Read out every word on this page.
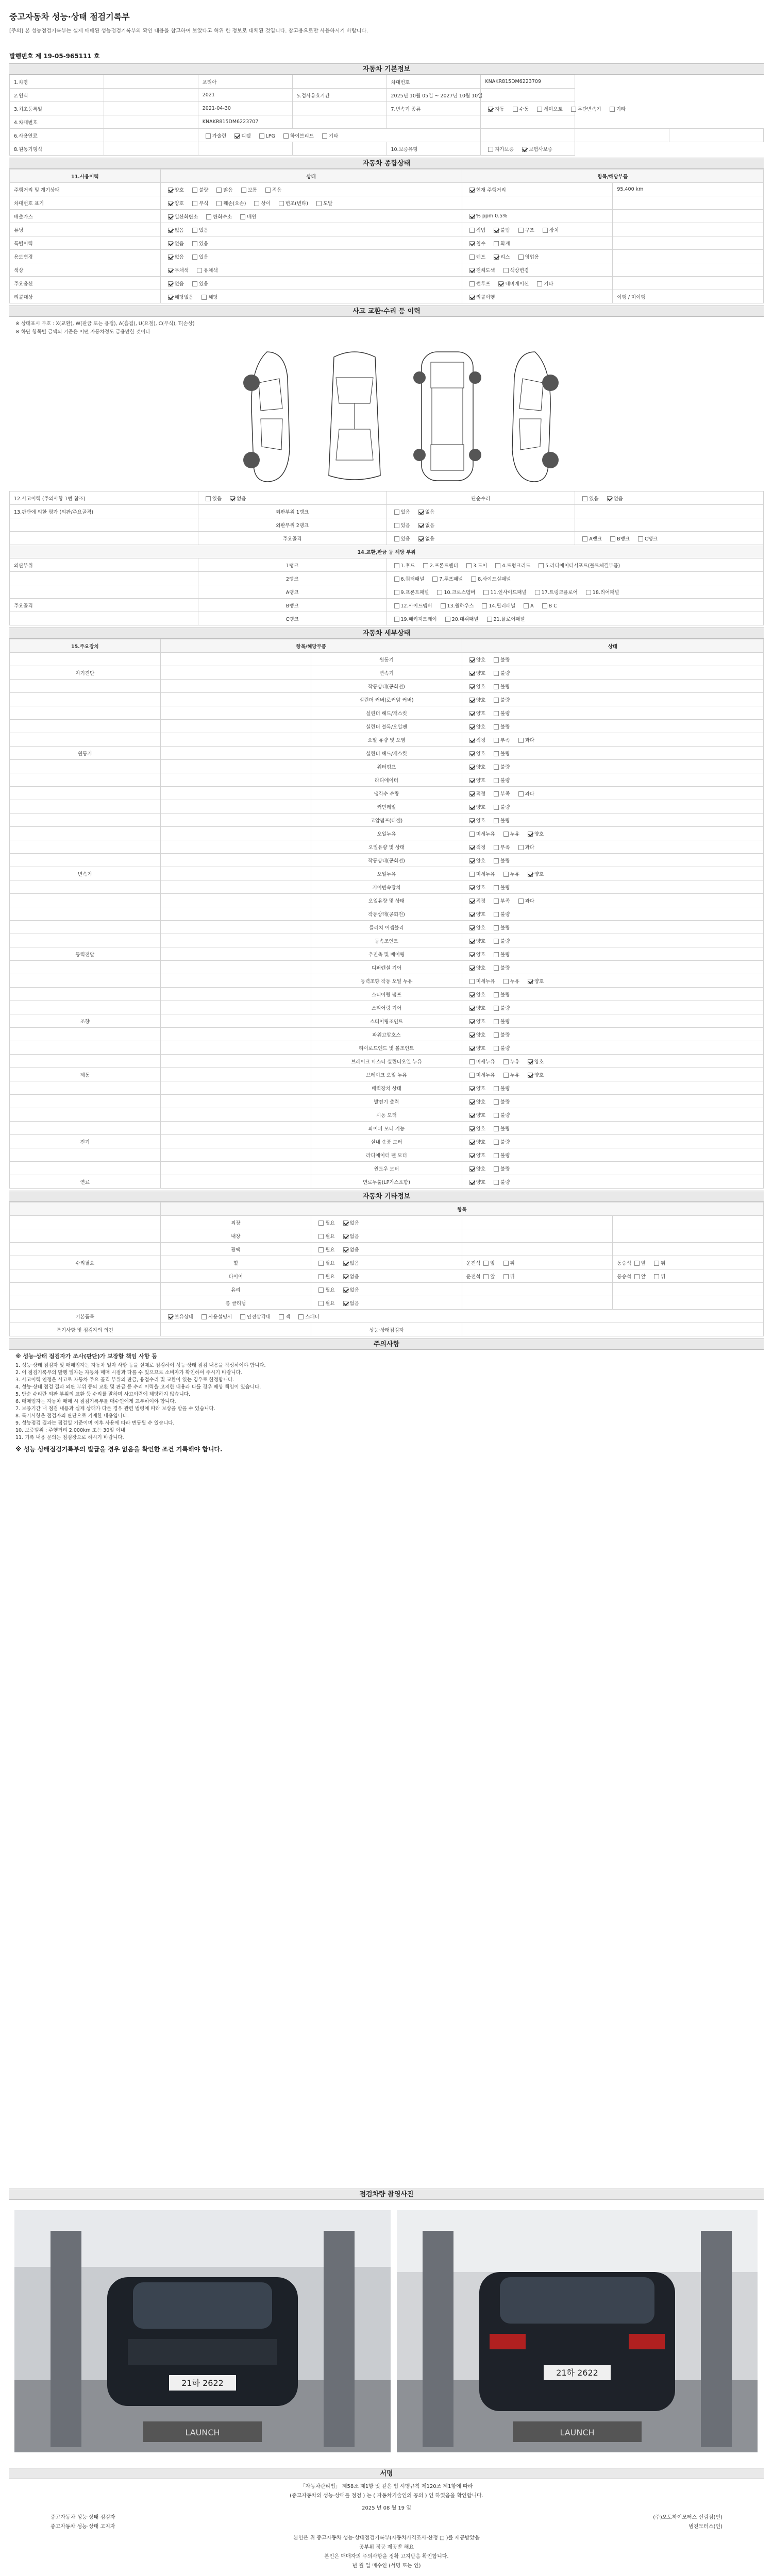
중고자동차 성능·상태 점검기록부
[주의] 본 성능점검기록부는 실제 매매된 성능점검기록부의 확인 내용을 참고하여 보았다고 허위 한 정보로 대체된 것입니다. 참고용으로만 사용하시기 바랍니다.
발행번호 제 19-05-965111 호
자동차 기본정보
1.차명		포티아		차대번호	KNAKR815DM6223709		
2.연식		2021	5.검사유효기간	2025년 10월 05일 ~ 2027년 10월 10일			
3.최초등록일		2021-04-30		7.변속기 종류	자동 수동 세미오토 무단변속기 기타		
4.차대번호		KNAKR815DM6223707					
6.사용연료		가솔린 디젤 LPG 하이브리드 기타					
8.원동기형식				10.보증유형	자가보증 보험사보증		
자동차 종합상태
11.사용이력	상태	항목/해당부품	
주행거리 및 계기상태	양호 불량 많음 보통 적음	현재 주행거리	95,400 km
차대번호 표기	양호 부식 훼손(오손) 상이 변조(변타) 도말		
배출가스	일산화탄소 탄화수소 매연	% ppm 0.5%	
튜닝	없음 있음	적법 불법 구조 장치	
특별이력	없음 있음	침수 화재	
용도변경	없음 있음	렌트 리스 영업용	
색상	무채색 유채색	전체도색 색상변경	
주요옵션	없음 있음	썬루프 네비게이션 기타	
리콜대상	해당없음 해당	리콜이행	이행 / 미이행
사고 교환·수리 등 이력
※ 상태표시 부호 : X(교환), W(판금 또는 용접), A(흠집), U(요철), C(부식), T(손상)
※ 하단 항목별 금액의 기준은 어떤 자동차정도 금융만한 것이다
12.사고이력 (주의사항 1번 참조)	있음 없음	단순수리	있음 없음
13.판단에 의한 평가 (외판/주요골격)	외판부위 1랭크	있음 없음	
	외판부위 2랭크	있음 없음	
	주요골격	있음 없음	A랭크 B랭크 C랭크
14.교환,판금 등 해당 부위			
외판부위	1랭크	1.후드 2.프론트펜더 3.도어 4.트렁크리드 5.라디에이터서포트(볼트체결부품)	
	2랭크	6.쿼터패널 7.루프패널 8.사이드실패널	
	A랭크	9.프론트패널 10.크로스멤버 11.인사이드패널 17.트렁크플로어 18.리어패널	
주요골격	B랭크	12.사이드멤버 13.휠하우스 14.필러패널 A B C	
	C랭크	19.패키지트레이 20.대쉬패널 21.플로어패널	
자동차 세부상태
15.주요장치	항목/해당부품		상태
		원동기	양호 불량
자기진단		변속기	양호 불량
		작동상태(공회전)	양호 불량
		실린더 커버(로커암 커버)	양호 불량
		실린더 헤드/개스킷	양호 불량
		실린더 블록/오일팬	양호 불량
		오일 유량 및 오염	적정 부족 과다
원동기		실린더 헤드/개스킷	양호 불량
		워터펌프	양호 불량
		라디에이터	양호 불량
		냉각수 수량	적정 부족 과다
		커먼레일	양호 불량
		고압펌프(디젤)	양호 불량
		오일누유	미세누유 누유 양호
		오일유량 및 상태	적정 부족 과다
		작동상태(공회전)	양호 불량
변속기		오일누유	미세누유 누유 양호
		기어변속장치	양호 불량
		오일유량 및 상태	적정 부족 과다
		작동상태(공회전)	양호 불량
		클러치 어셈블리	양호 불량
		등속조인트	양호 불량
동력전달		추진축 및 베어링	양호 불량
		디퍼렌셜 기어	양호 불량
		동력조향 작동 오일 누유	미세누유 누유 양호
		스티어링 펌프	양호 불량
		스티어링 기어	양호 불량
조향		스티어링조인트	양호 불량
		파워고압호스	양호 불량
		타이로드엔드 및 볼조인트	양호 불량
		브레이크 마스터 실린더오일 누유	미세누유 누유 양호
제동		브레이크 오일 누유	미세누유 누유 양호
		배력장치 상태	양호 불량
		발전기 출력	양호 불량
		시동 모터	양호 불량
		와이퍼 모터 기능	양호 불량
전기		실내 송풍 모터	양호 불량
		라디에이터 팬 모터	양호 불량
		윈도우 모터	양호 불량
연료		연료누출(LP가스포함)	양호 불량
자동차 기타정보
	항목			
	외장	필요 없음		
	내장	필요 없음		
	광택	필요 없음		
수리필요	휠	필요 없음	운전석 앞 뒤	동승석 앞 뒤
	타이어	필요 없음	운전석 앞 뒤	동승석 앞 뒤
	유리	필요 없음		
	룸 클리닝	필요 없음		
기본품목	보유상태 사용설명서 안전삼각대 잭 스패너			
특기사항 및 점검자의 의견		성능·상태점검자		
주의사항
※ 성능·상태 점검자가 조사(판단)가 보장할 책임 사항 등
1. 성능·상태 점검자 및 매매업자는 자동차 일자 사항 등을 실제로 점검하여 성능·상태 점검 내용을 작성하여야 합니다.
2. 이 점검기록부의 발행 일자는 자동차 매매 시점과 다를 수 있으므로 소비자가 확인하여 주시기 바랍니다.
3. 사고이력 인정은 사고로 자동차 주요 골격 부위의 판금, 용접수리 및 교환이 있는 경우로 한정합니다.
4. 성능·상태 점검 결과 외판 부위 등의 교환 및 판금 등 수리 이력을 고지한 내용과 다를 경우 배상 책임이 있습니다.
5. 단순 수리란 외판 부위의 교환 등 수리를 말하며 사고이력에 해당하지 않습니다.
6. 매매업자는 자동차 매매 시 점검기록부를 매수인에게 교부하여야 합니다.
7. 보증기간 내 점검 내용과 실제 상태가 다른 경우 관련 법령에 따라 보상을 받을 수 있습니다.
8. 특기사항은 점검자의 판단으로 기재한 내용입니다.
9. 성능점검 결과는 점검일 기준이며 이후 사용에 따라 변동될 수 있습니다.
10. 보증범위 : 주행거리 2,000km 또는 30일 이내
11. 기록 내용 문의는 점검장으로 하시기 바랍니다.
※ 성능 상태점검기록부의 발급을 경우 없음을 확인한 조건 기록해야 합니다.
점검차량 촬영사진
21하 2622
LAUNCH
21하 2622
LAUNCH
서명
「자동차관리법」 제58조 제1항 및 같은 법 시행규칙 제120조 제1항에 따라
(중고자동차의 성능·상태를 점검 ) 는 ( 자동차기술인의 공의 ) 인 하였음을 확인합니다.
2025 년 08 월 19 일
중고자동차 성능·상태 점검자
중고자동차 성능·상태 고지자
(주)오토하이모터스 신림점(인)
범진모터스(인)
본인은 위 중고자동차 성능·상태점검기록부(자동차가격조사·산정 □ )를 제공받았음
공부위 정공 제공받 해요
본인은 매매자의 주의사항을 정확 고지받음 확인합니다.
년 월 일 매수인 (서명 또는 인)
